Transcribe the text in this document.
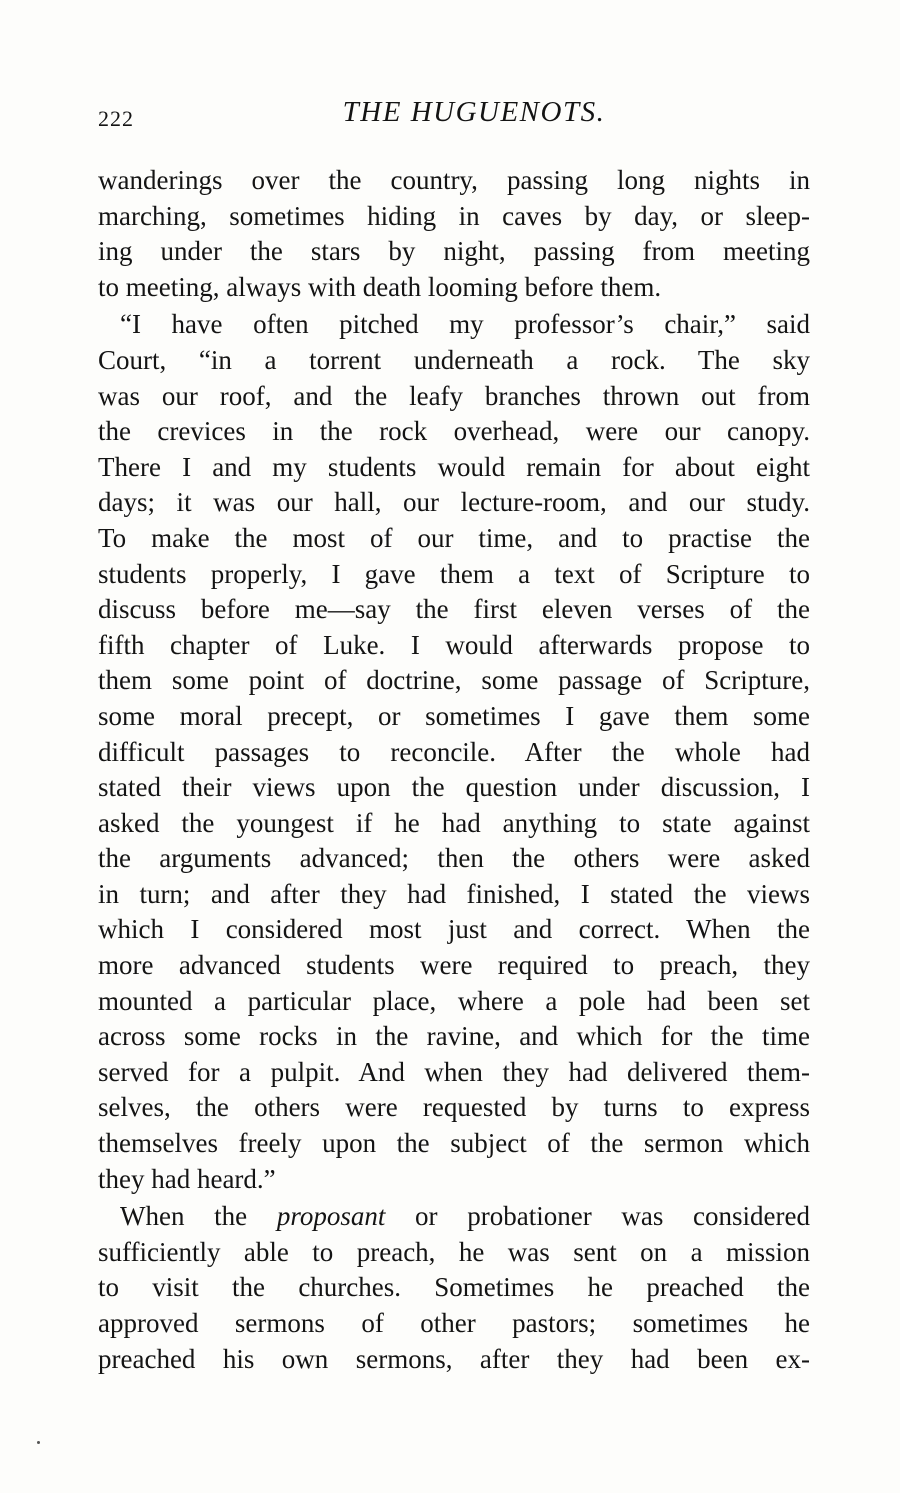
222	THE HUGUENOTS.
wanderings over the country, passing long nights in
marching, sometimes hiding in caves by day, or sleep-
ing under the stars by night, passing from meeting
to meeting, always with death looming before them.
“I have often pitched my professor’s chair,” said
Court, “in a torrent underneath a rock. The sky
was our roof, and the leafy branches thrown out from
the crevices in the rock overhead, were our canopy.
There I and my students would remain for about eight
days; it was our hall, our lecture-room, and our study.
To make the most of our time, and to practise the
students properly, I gave them a text of Scripture to
discuss before me—say the first eleven verses of the
fifth chapter of Luke. I would afterwards propose to
them some point of doctrine, some passage of Scripture,
some moral precept, or sometimes I gave them some
difficult passages to reconcile. After the whole had
stated their views upon the question under discussion, I
asked the youngest if he had anything to state against
the arguments advanced; then the others were asked
in turn; and after they had finished, I stated the views
which I considered most just and correct. When the
more advanced students were required to preach, they
mounted a particular place, where a pole had been set
across some rocks in the ravine, and which for the time
served for a pulpit. And when they had delivered them-
selves, the others were requested by turns to express
themselves freely upon the subject of the sermon which
they had heard.”
When the proposant or probationer was considered
sufficiently able to preach, he was sent on a mission
to visit the churches. Sometimes he preached the
approved sermons of other pastors; sometimes he
preached his own sermons, after they had been ex-
